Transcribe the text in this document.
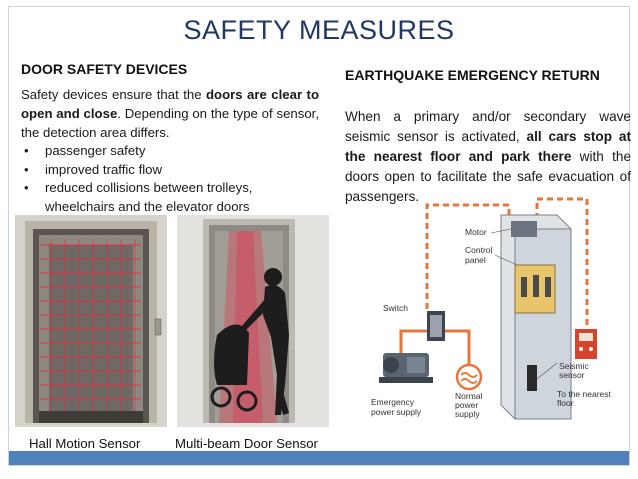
SAFETY MEASURES
DOOR SAFETY DEVICES
Safety devices ensure that the doors are clear to open and close. Depending on the type of sensor, the detection area differs.
• passenger safety
• improved traffic flow
• reduced collisions between trolleys, wheelchairs and the elevator doors
EARTHQUAKE EMERGENCY RETURN
When a primary and/or secondary wave seismic sensor is activated, all cars stop at the nearest floor and park there with the doors open to facilitate the safe evacuation of passengers.
Hall Motion Sensor	Multi-beam Door Sensor
Motor
Control
panel
Switch
Normal
power
supply
Emergency
power supply
Seismic
sensor
To the nearest
floor
